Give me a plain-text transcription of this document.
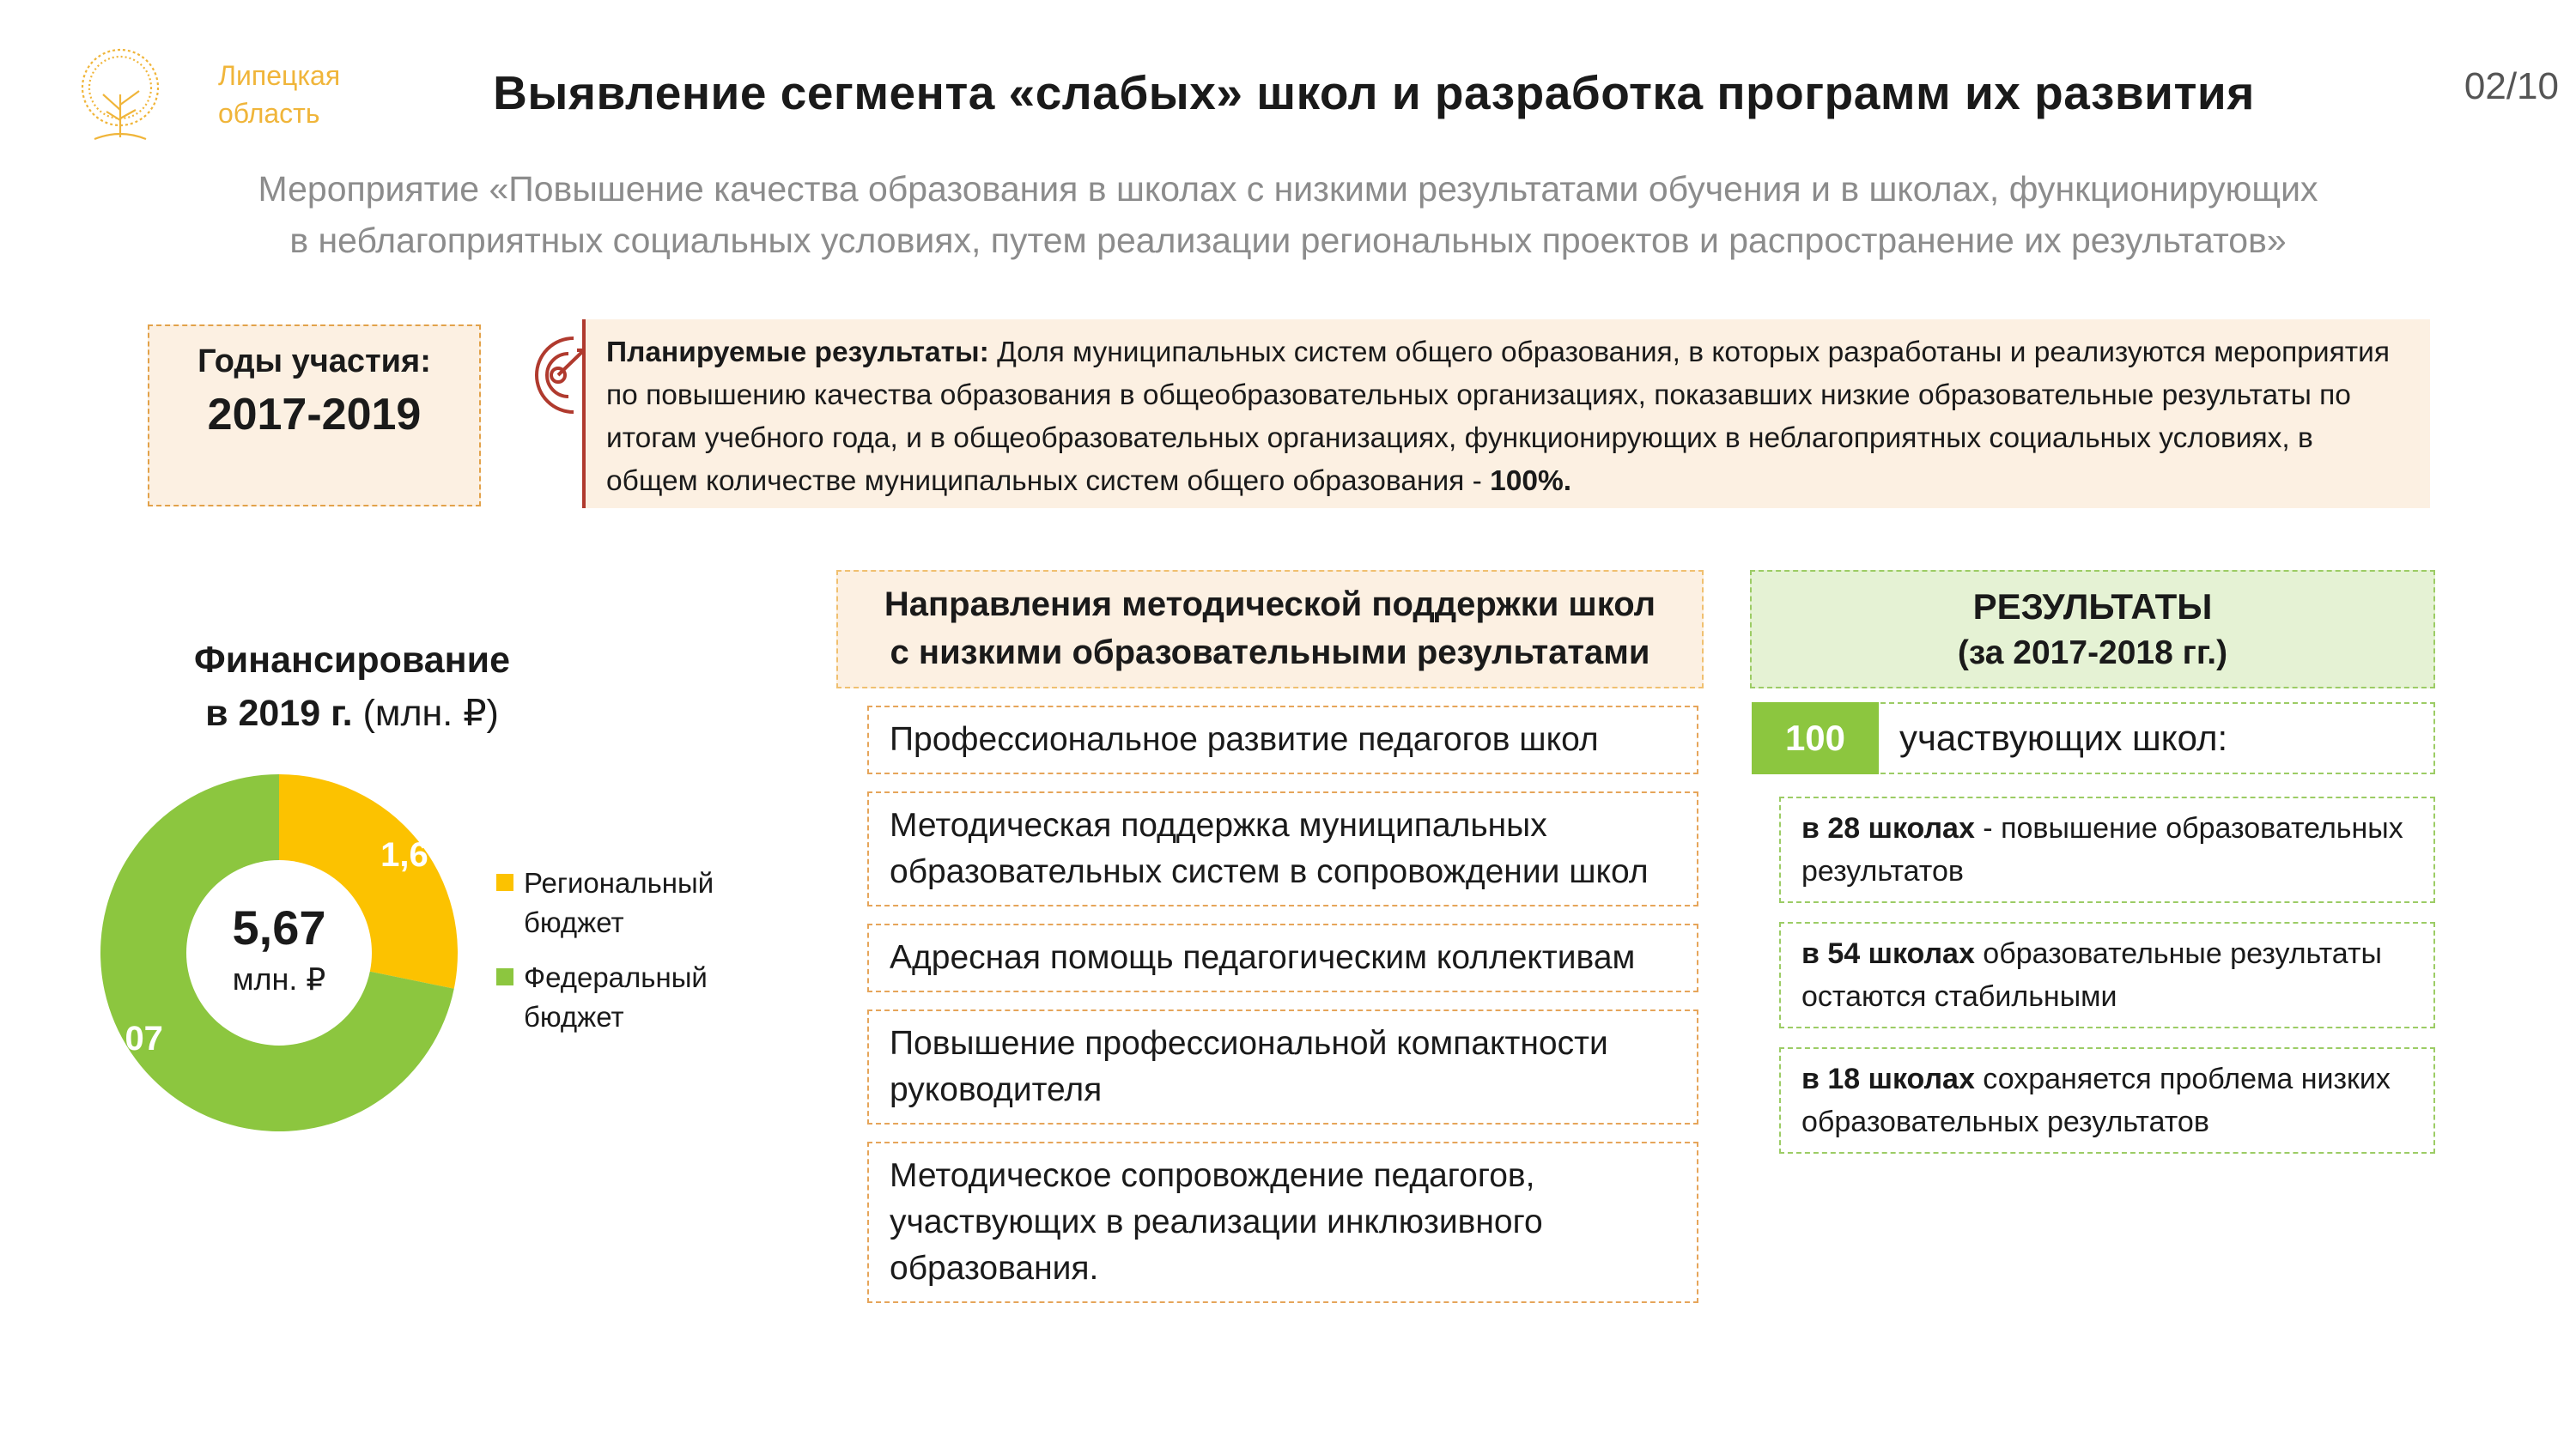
Липецкая
область	Выявление сегмента «слабых» школ и разработка программ их развития	02/10
Мероприятие «Повышение качества образования в школах с низкими результатами обучения и в школах, функционирующих
в неблагоприятных социальных условиях, путем реализации региональных проектов и распространение их результатов»
Годы участия:
2017-2019
Планируемые результаты: Доля муниципальных систем общего образования, в которых разработаны и реализуются мероприятия по повышению качества образования в общеобразовательных организациях, показавших низкие образовательные результаты по итогам учебного года, и в общеобразовательных организациях, функционирующих в неблагоприятных социальных условиях, в общем количестве муниципальных систем общего образования - 100%.
Финансирование
в 2019 г. (млн. ₽)
1,6
4,07
5,67
млн. ₽
Региональный
бюджет
Федеральный
бюджет
Направления методической поддержки школ
с низкими образовательными результатами
Профессиональное развитие педагогов школ
Методическая поддержка муниципальных образовательных систем в сопровождении школ
Адресная помощь педагогическим коллективам
Повышение профессиональной компактности руководителя
Методическое сопровождение педагогов, участвующих в реализации инклюзивного образования.
РЕЗУЛЬТАТЫ
(за 2017-2018 гг.)
100	участвующих школ:
в 28 школах - повышение образовательных результатов
в 54 школах образовательные результаты остаются стабильными
в 18 школах сохраняется проблема низких образовательных результатов
